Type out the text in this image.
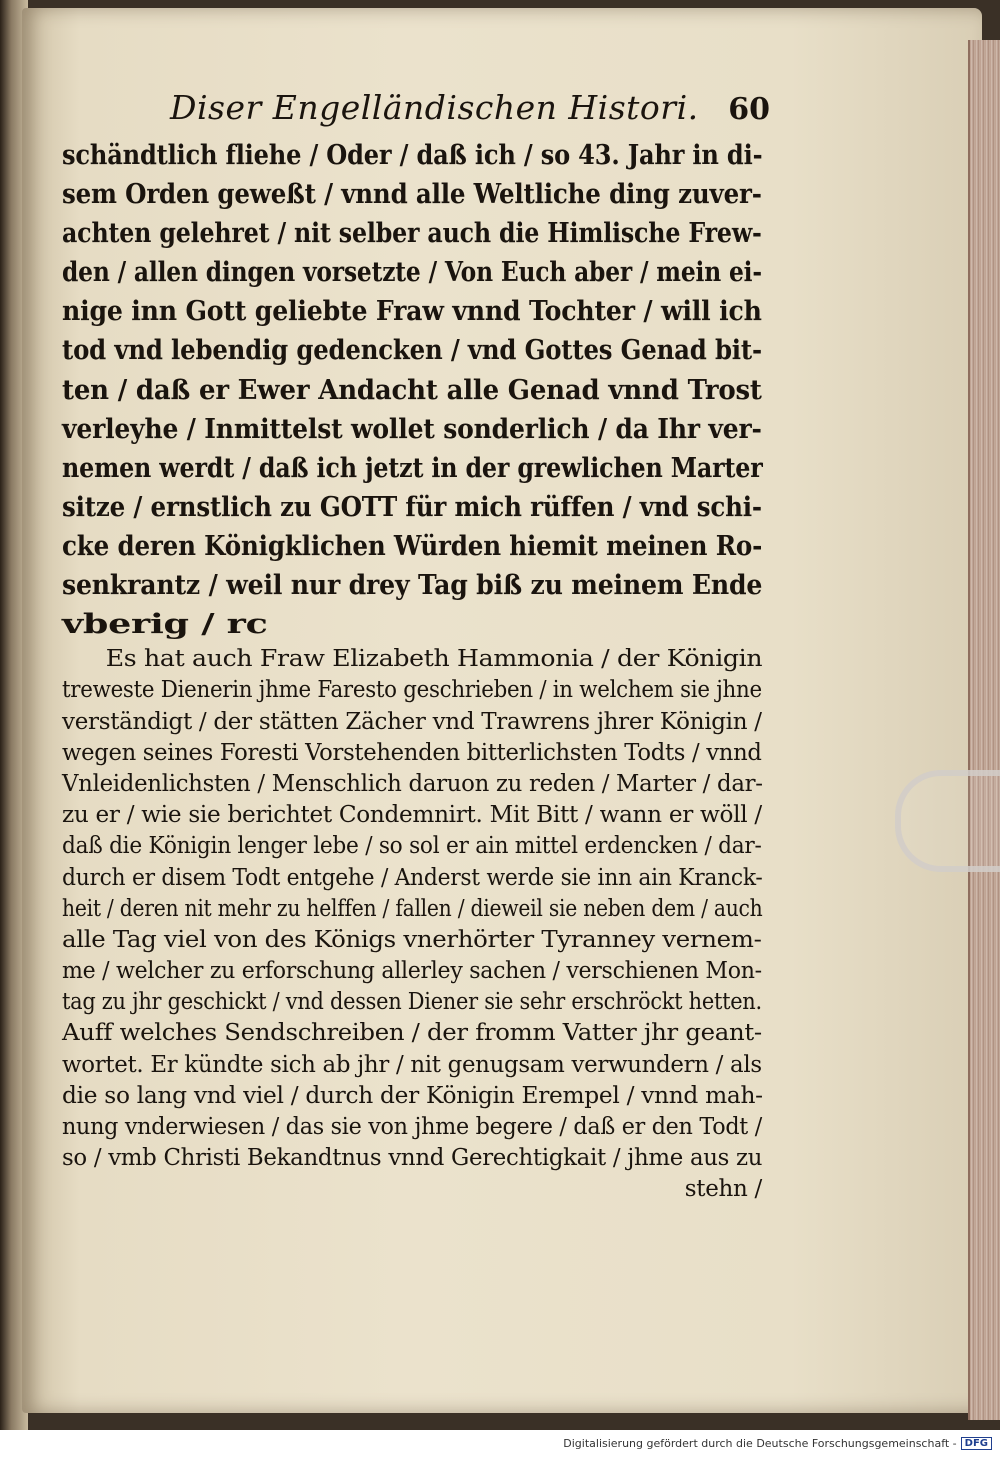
Diser Engelländischen Histori. 60
schändtlich fliehe / Oder / daß ich / so 43. Jahr in di-
sem Orden geweßt / vnnd alle Weltliche ding zuver-
achten gelehret / nit selber auch die Himlische Frew-
den / allen dingen vorsetzte / Von Euch aber / mein ei-
nige inn Gott geliebte Fraw vnnd Tochter / will ich
tod vnd lebendig gedencken / vnd Gottes Genad bit-
ten / daß er Ewer Andacht alle Genad vnnd Trost
verleyhe / Inmittelst wollet sonderlich / da Ihr ver-
nemen werdt / daß ich jetzt in der grewlichen Marter
sitze / ernstlich zu GOTT für mich rüffen / vnd schi-
cke deren Königklichen Würden hiemit meinen Ro-
senkrantz / weil nur drey Tag biß zu meinem Ende
vberig / rc
Es hat auch Fraw Elizabeth Hammonia / der Königin
treweste Dienerin jhme Faresto geschrieben / in welchem sie jhne
verständigt / der stätten Zächer vnd Trawrens jhrer Königin /
wegen seines Foresti Vorstehenden bitterlichsten Todts / vnnd
Vnleidenlichsten / Menschlich daruon zu reden / Marter / dar-
zu er / wie sie berichtet Condemnirt. Mit Bitt / wann er wöll /
daß die Königin lenger lebe / so sol er ain mittel erdencken / dar-
durch er disem Todt entgehe / Anderst werde sie inn ain Kranck-
heit / deren nit mehr zu helffen / fallen / dieweil sie neben dem / auch
alle Tag viel von des Königs vnerhörter Tyranney vernem-
me / welcher zu erforschung allerley sachen / verschienen Mon-
tag zu jhr geschickt / vnd dessen Diener sie sehr erschröckt hetten.
Auff welches Sendschreiben / der fromm Vatter jhr geant-
wortet. Er kündte sich ab jhr / nit genugsam verwundern / als
die so lang vnd viel / durch der Königin Erempel / vnnd mah-
nung vnderwiesen / das sie von jhme begere / daß er den Todt /
so / vmb Christi Bekandtnus vnnd Gerechtigkait / jhme aus zu
stehn /
Digitalisierung gefördert durch die Deutsche Forschungsgemeinschaft - DFG
